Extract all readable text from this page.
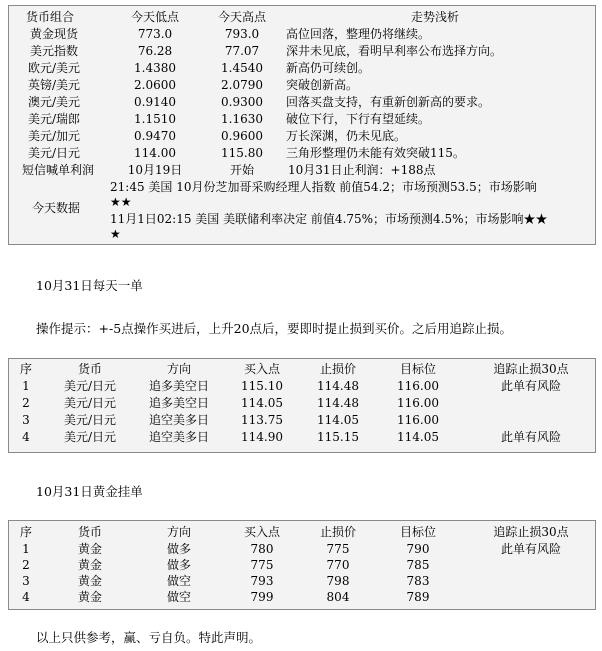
货币组合	今天低点	今天高点	走势浅析
黄金现货	773.0	793.0	高位回落，整理仍将继续。
美元指数	76.28	77.07	深井未见底，看明早利率公布选择方向。
欧元/美元	1.4380	1.4540	新高仍可续创。
英镑/美元	2.0600	2.0790	突破创新高。
澳元/美元	0.9140	0.9300	回落买盘支持，有重新创新高的要求。
美元/瑞郎	1.1510	1.1630	破位下行，下行有望延续。
美元/加元	0.9470	0.9600	万长深渊，仍未见底。
美元/日元	114.00	115.80	三角形整理仍未能有效突破115。
短信喊单利润	10月19日	开始	10月31日止利润：+188点
今天数据
21:45 美国 10月份芝加哥采购经理人指数 前值54.2；市场预测53.5；市场影响
★★
11月1日02:15 美国 美联储利率决定 前值4.75%；市场预测4.5%；市场影响★★
★
10月31日每天一单
操作提示：+-5点操作买进后，上升20点后，要即时提止损到买价。之后用追踪止损。
序	货币	方向	买入点	止损价	目标位	追踪止损30点
1	美元/日元	追多美空日	115.10	114.48	116.00	此单有风险
2	美元/日元	追多美空日	114.05	114.48	116.00
3	美元/日元	追空美多日	113.75	114.05	116.00
4	美元/日元	追空美多日	114.90	115.15	114.05	此单有风险
10月31日黄金挂单
序	货币	方向	买入点	止损价	目标位	追踪止损30点
1	黄金	做多	780	775	790	此单有风险
2	黄金	做多	775	770	785
3	黄金	做空	793	798	783
4	黄金	做空	799	804	789
以上只供参考，赢、亏自负。特此声明。
